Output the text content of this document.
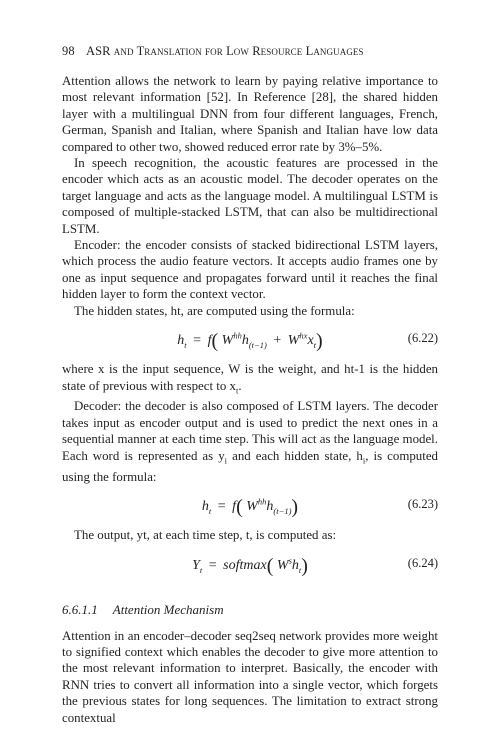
98 ASR and Translation for Low Resource Languages

Attention allows the network to learn by paying relative importance to most relevant information [52]. In Reference [28], the shared hidden layer with a multilingual DNN from four different languages, French, German, Spanish and Italian, where Spanish and Italian have low data compared to other two, showed reduced error rate by 3%–5%.

In speech recognition, the acoustic features are processed in the encoder which acts as an acoustic model. The decoder operates on the target language and acts as the language model. A multilingual LSTM is composed of multiple-stacked LSTM, that can also be multidirectional LSTM.

Encoder: the encoder consists of stacked bidirectional LSTM layers, which process the audio feature vectors. It accepts audio frames one by one as input sequence and propagates forward until it reaches the final hidden layer to form the context vector.

The hidden states, ht, are computed using the formula:

$h_t = f$( $W^{hh}h_{(t-1)} + W^{hx}x_t$)	(6.22)

where x is the input sequence, W is the weight, and ht-1 is the hidden state of previous with respect to $x_t$.

Decoder: the decoder is also composed of LSTM layers. The decoder takes input as encoder output and is used to predict the next ones in a sequential manner at each time step. This will act as the language model. Each word is represented as $y_i$ and each hidden state, $h_i$, is computed using the formula:

$h_t = f$( $W^{hh}h_{(t-1)}$)	(6.23)

The output, yt, at each time step, t, is computed as:

$Y_t$ = softmax( $W^sh_t$)	(6.24)
6.6.1.1 Attention Mechanism

Attention in an encoder–decoder seq2seq network provides more weight to signified context which enables the decoder to give more attention to the most relevant information to interpret. Basically, the encoder with RNN tries to convert all information into a single vector, which forgets the previous states for long sequences. The limitation to extract strong contextual
